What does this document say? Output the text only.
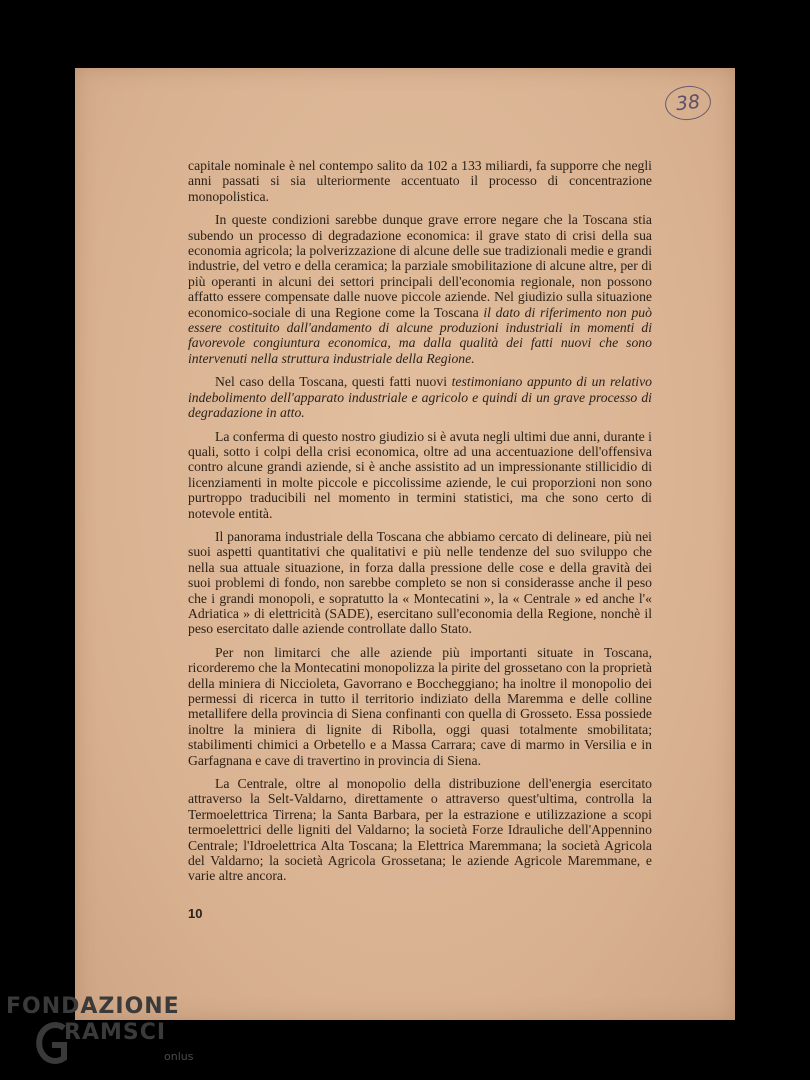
38

capitale nominale è nel contempo salito da 102 a 133 miliardi, fa supporre che negli anni passati si sia ulteriormente accentuato il processo di concentrazione monopolistica.

In queste condizioni sarebbe dunque grave errore negare che la Toscana stia subendo un processo di degradazione economica: il grave stato di crisi della sua economia agricola; la polverizzazione di alcune delle sue tradizionali medie e grandi industrie, del vetro e della ceramica; la parziale smobilitazione di alcune altre, per di più operanti in alcuni dei settori principali dell'economia regionale, non possono affatto essere compensate dalle nuove piccole aziende. Nel giudizio sulla situazione economico-sociale di una Regione come la Toscana il dato di riferimento non può essere costituito dall'andamento di alcune produzioni industriali in momenti di favorevole congiuntura economica, ma dalla qualità dei fatti nuovi che sono intervenuti nella struttura industriale della Regione.

Nel caso della Toscana, questi fatti nuovi testimoniano appunto di un relativo indebolimento dell'apparato industriale e agricolo e quindi di un grave processo di degradazione in atto.

La conferma di questo nostro giudizio si è avuta negli ultimi due anni, durante i quali, sotto i colpi della crisi economica, oltre ad una accentuazione dell'offensiva contro alcune grandi aziende, si è anche assistito ad un impressionante stillicidio di licenziamenti in molte piccole e piccolissime aziende, le cui proporzioni non sono purtroppo traducibili nel momento in termini statistici, ma che sono certo di notevole entità.

Il panorama industriale della Toscana che abbiamo cercato di delineare, più nei suoi aspetti quantitativi che qualitativi e più nelle tendenze del suo sviluppo che nella sua attuale situazione, in forza dalla pressione delle cose e della gravità dei suoi problemi di fondo, non sarebbe completo se non si considerasse anche il peso che i grandi monopoli, e sopratutto la « Montecatini », la « Centrale » ed anche l'« Adriatica » di elettricità (SADE), esercitano sull'economia della Regione, nonchè il peso esercitato dalle aziende controllate dallo Stato.

Per non limitarci che alle aziende più importanti situate in Toscana, ricorderemo che la Montecatini monopolizza la pirite del grossetano con la proprietà della miniera di Niccioleta, Gavorrano e Boccheggiano; ha inoltre il monopolio dei permessi di ricerca in tutto il territorio indiziato della Maremma e delle colline metallifere della provincia di Siena confinanti con quella di Grosseto. Essa possiede inoltre la miniera di lignite di Ribolla, oggi quasi totalmente smobilitata; stabilimenti chimici a Orbetello e a Massa Carrara; cave di marmo in Versilia e in Garfagnana e cave di travertino in provincia di Siena.

La Centrale, oltre al monopolio della distribuzione dell'energia esercitato attraverso la Selt-Valdarno, direttamente o attraverso quest'ultima, controlla la Termoelettrica Tirrena; la Santa Barbara, per la estrazione e utilizzazione a scopi termoelettrici delle ligniti del Valdarno; la società Forze Idrauliche dell'Appennino Centrale; l'Idroelettrica Alta Toscana; la Elettrica Maremmana; la società Agricola del Valdarno; la società Agricola Grossetana; le aziende Agricole Maremmane, e varie altre ancora.

10
FONDAZIONE
RAMSCI
onlus
